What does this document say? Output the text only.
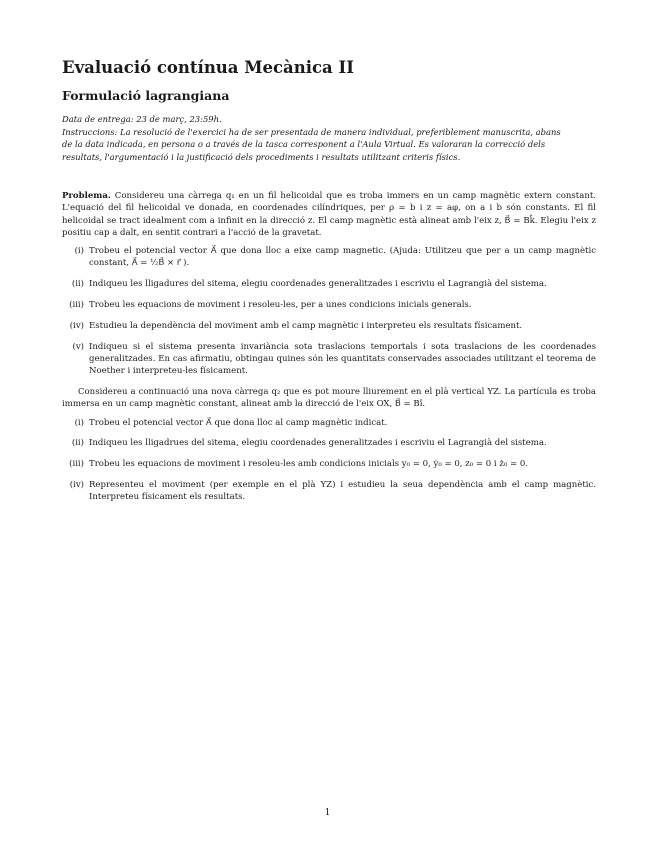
Evaluació contínua Mecànica II
Formulació lagrangiana
Data de entrega: 23 de març, 23:59h.
Instruccions: La resolució de l'exercici ha de ser presentada de manera individual, preferiblement manuscrita, abans
de la data indicada, en persona o a través de la tasca corresponent a l'Aula Virtual. Es valoraran la correcció dels
resultats, l'argumentació i la justificació dels procediments i resultats utilitzant criteris físics.

Problema. Considereu una càrrega q₁ en un fil helicoidal que es troba immers en un camp magnètic extern constant. L'equació del fil helicoidal ve donada, en coordenades cilíndriques, per ρ = b i z = aφ, on a i b són constants. El fil helicoidal se tract idealment com a infinit en la direcció z. El camp magnètic està alineat amb l'eix z, B⃗ = Bk̂. Elegiu l'eix z positiu cap a dalt, en sentit contrari a l'acció de la gravetat.

(i) Trobeu el potencial vector A⃗ que dona lloc a eixe camp magnetic. (Ajuda: Utilitzeu que per a un camp magnètic constant, A⃗ = ½B⃗ × r⃗ ).
(ii) Indiqueu les lligadures del sitema, elegiu coordenades generalitzades i escriviu el Lagrangià del sistema.
(iii) Trobeu les equacions de moviment i resoleu-les, per a unes condicions inicials generals.
(iv) Estudieu la dependència del moviment amb el camp magnètic i interpreteu els resultats físicament.
(v) Indiqueu si el sistema presenta invariància sota traslacions temportals i sota traslacions de les coordenades generalitzades. En cas afirmatiu, obtingau quines són les quantitats conservades associades utilitzant el teorema de Noether i interpreteu-les físicament.

Considereu a continuació una nova càrrega q₂ que es pot moure lliurement en el plà vertical YZ. La partícula es troba immersa en un camp magnètic constant, alineat amb la direcció de l'eix OX, B⃗ = Bî.

(i) Trobeu el potencial vector A⃗ que dona lloc al camp magnètic indicat.
(ii) Indiqueu les lligadrues del sitema, elegiu coordenades generalitzades i escriviu el Lagrangià del sistema.
(iii) Trobeu les equacions de moviment i resoleu-les amb condicions inicials y₀ = 0, ẏ₀ = 0, z₀ = 0 i ż₀ = 0.
(iv) Representeu el moviment (per exemple en el plà YZ) i estudieu la seua dependència amb el camp magnètic. Interpreteu físicament els resultats.
1
